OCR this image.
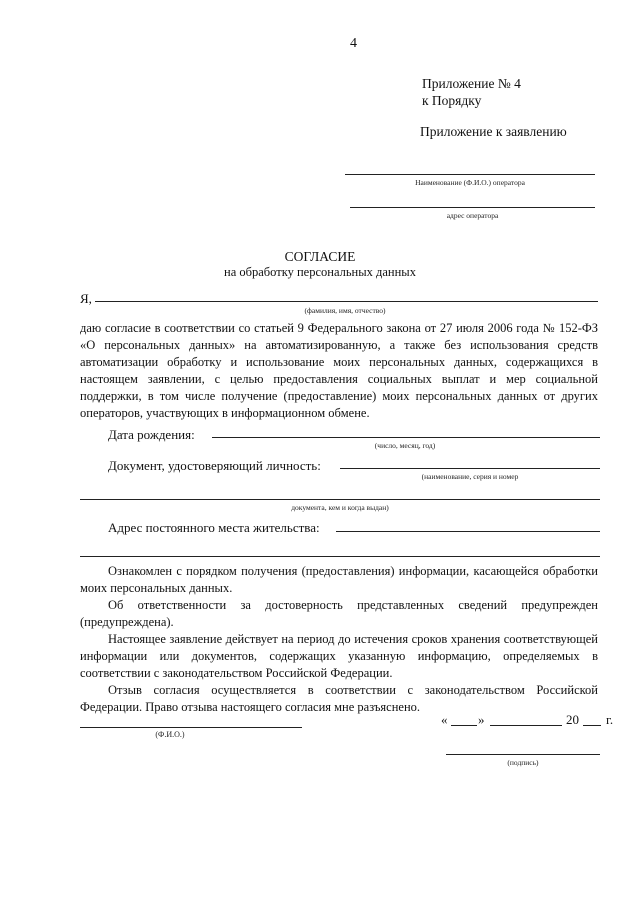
4
Приложение № 4
к Порядку
Приложение к заявлению
Наименование (Ф.И.О.) оператора
адрес оператора
СОГЛАСИЕ
на обработку персональных данных
Я,
(фамилия, имя, отчество)
даю согласие в соответствии со статьей 9 Федерального закона от 27 июля 2006 года № 152-ФЗ «О персональных данных» на автоматизированную, а также без использования средств автоматизации обработку и использование моих персональных данных, содержащихся в настоящем заявлении, с целью предоставления социальных выплат и мер социальной поддержки, в том числе получение (предоставление) моих персональных данных от других операторов, участвующих в информационном обмене.
Дата рождения:
(число, месяц, год)
Документ, удостоверяющий личность:
(наименование, серия и номер
документа, кем и когда выдан)
Адрес постоянного места жительства:
Ознакомлен с порядком получения (предоставления) информации, касающейся обработки моих персональных данных.
Об ответственности за достоверность представленных сведений предупрежден (предупреждена).
Настоящее заявление действует на период до истечения сроков хранения соответствующей информации или документов, содержащих указанную информацию, определяемых в соответствии с законодательством Российской Федерации.
Отзыв согласия осуществляется в соответствии с законодательством Российской Федерации. Право отзыва настоящего согласия мне разъяснено.
(Ф.И.О.)
« »	20 г.
(подпись)
